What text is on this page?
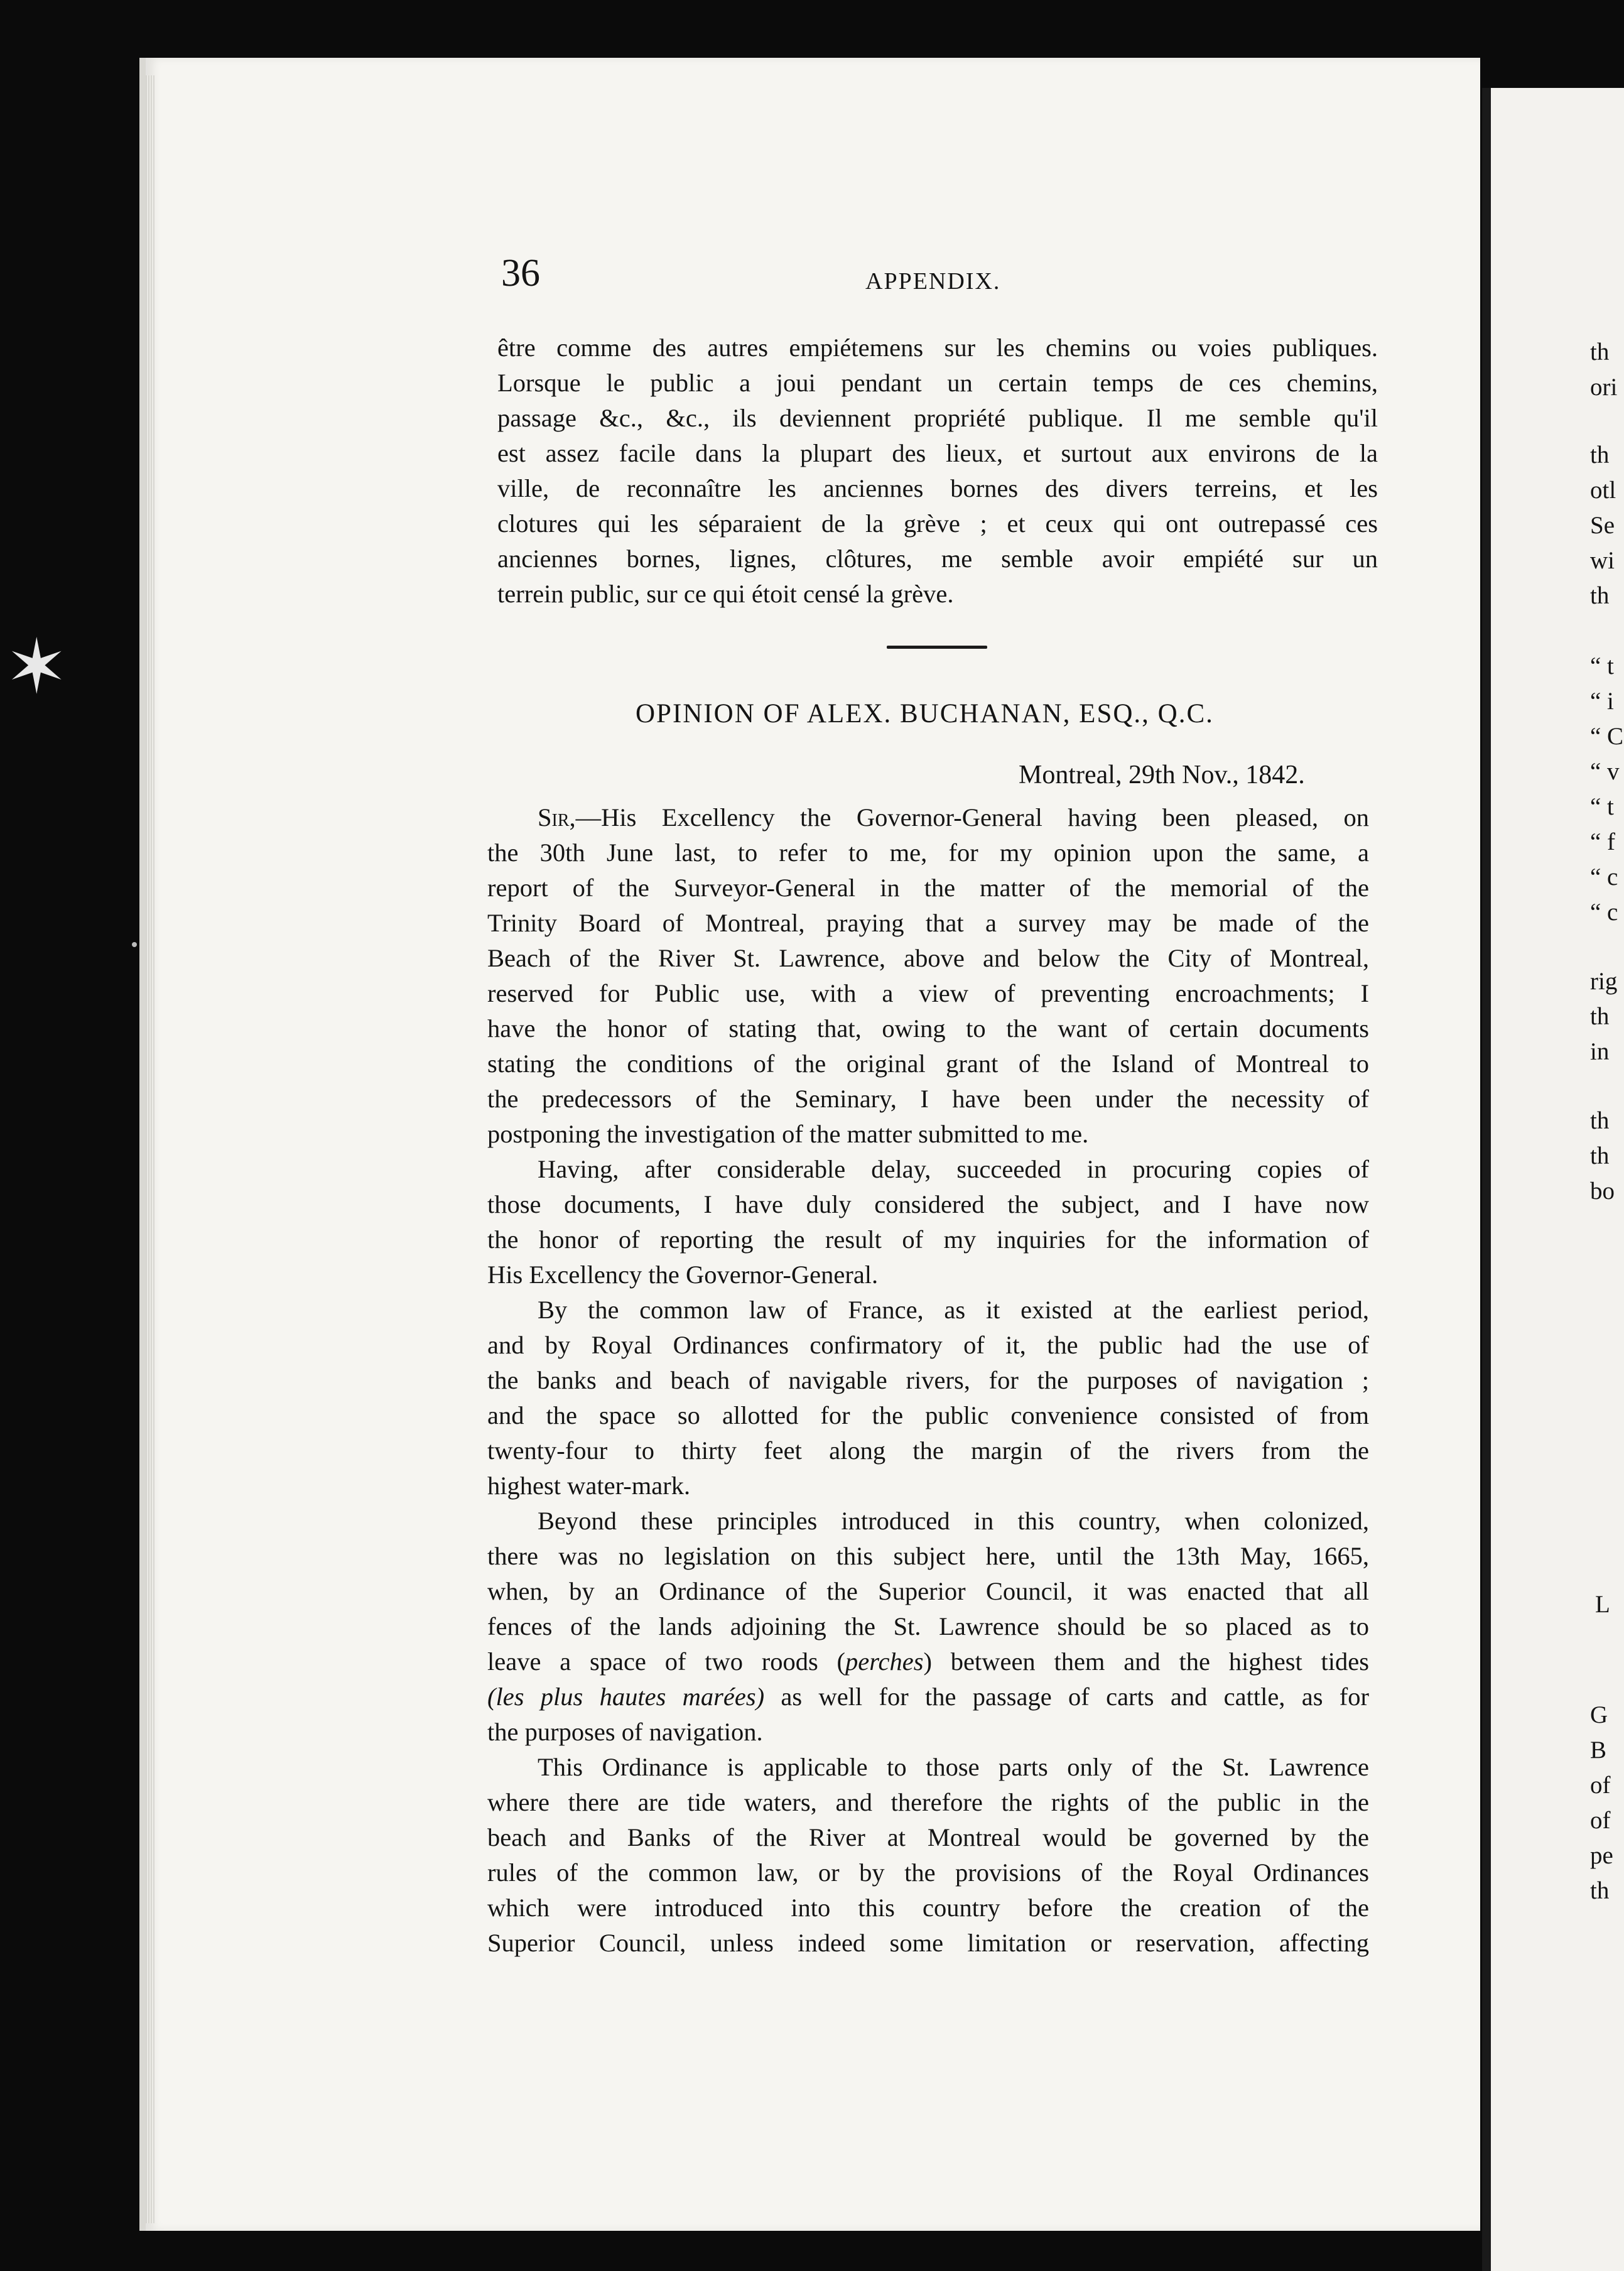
✶
36	APPENDIX.
être comme des autres empiétemens sur les chemins ou voies publiques.
Lorsque le public a joui pendant un certain temps de ces chemins,
passage &c., &c., ils deviennent propriété publique. Il me semble qu'il
est assez facile dans la plupart des lieux, et surtout aux environs de la
ville, de reconnaître les anciennes bornes des divers terreins, et les
clotures qui les séparaient de la grève ; et ceux qui ont outrepassé ces
anciennes bornes, lignes, clôtures, me semble avoir empiété sur un
terrein public, sur ce qui étoit censé la grève.
OPINION OF ALEX. BUCHANAN, ESQ., Q.C.
Montreal, 29th Nov., 1842.
Sir,—His Excellency the Governor-General having been pleased, on
the 30th June last, to refer to me, for my opinion upon the same, a
report of the Surveyor-General in the matter of the memorial of the
Trinity Board of Montreal, praying that a survey may be made of the
Beach of the River St. Lawrence, above and below the City of Montreal,
reserved for Public use, with a view of preventing encroachments; I
have the honor of stating that, owing to the want of certain documents
stating the conditions of the original grant of the Island of Montreal to
the predecessors of the Seminary, I have been under the necessity of
postponing the investigation of the matter submitted to me.
Having, after considerable delay, succeeded in procuring copies of
those documents, I have duly considered the subject, and I have now
the honor of reporting the result of my inquiries for the information of
His Excellency the Governor-General.
By the common law of France, as it existed at the earliest period,
and by Royal Ordinances confirmatory of it, the public had the use of
the banks and beach of navigable rivers, for the purposes of navigation ;
and the space so allotted for the public convenience consisted of from
twenty-four to thirty feet along the margin of the rivers from the
highest water-mark.
Beyond these principles introduced in this country, when colonized,
there was no legislation on this subject here, until the 13th May, 1665,
when, by an Ordinance of the Superior Council, it was enacted that all
fences of the lands adjoining the St. Lawrence should be so placed as to
leave a space of two roods (perches) between them and the highest tides
(les plus hautes marées) as well for the passage of carts and cattle, as for
the purposes of navigation.
This Ordinance is applicable to those parts only of the St. Lawrence
where there are tide waters, and therefore the rights of the public in the
beach and Banks of the River at Montreal would be governed by the
rules of the common law, or by the provisions of the Royal Ordinances
which were introduced into this country before the creation of the
Superior Council, unless indeed some limitation or reservation, affecting
th
ori
th
otl
Se
wi
th
“ t
“ i
“ C
“ v
“ t
“ f
“ c
“ c
rig
th
in
th
th
bo
L
G
B
of
of
pe
th
